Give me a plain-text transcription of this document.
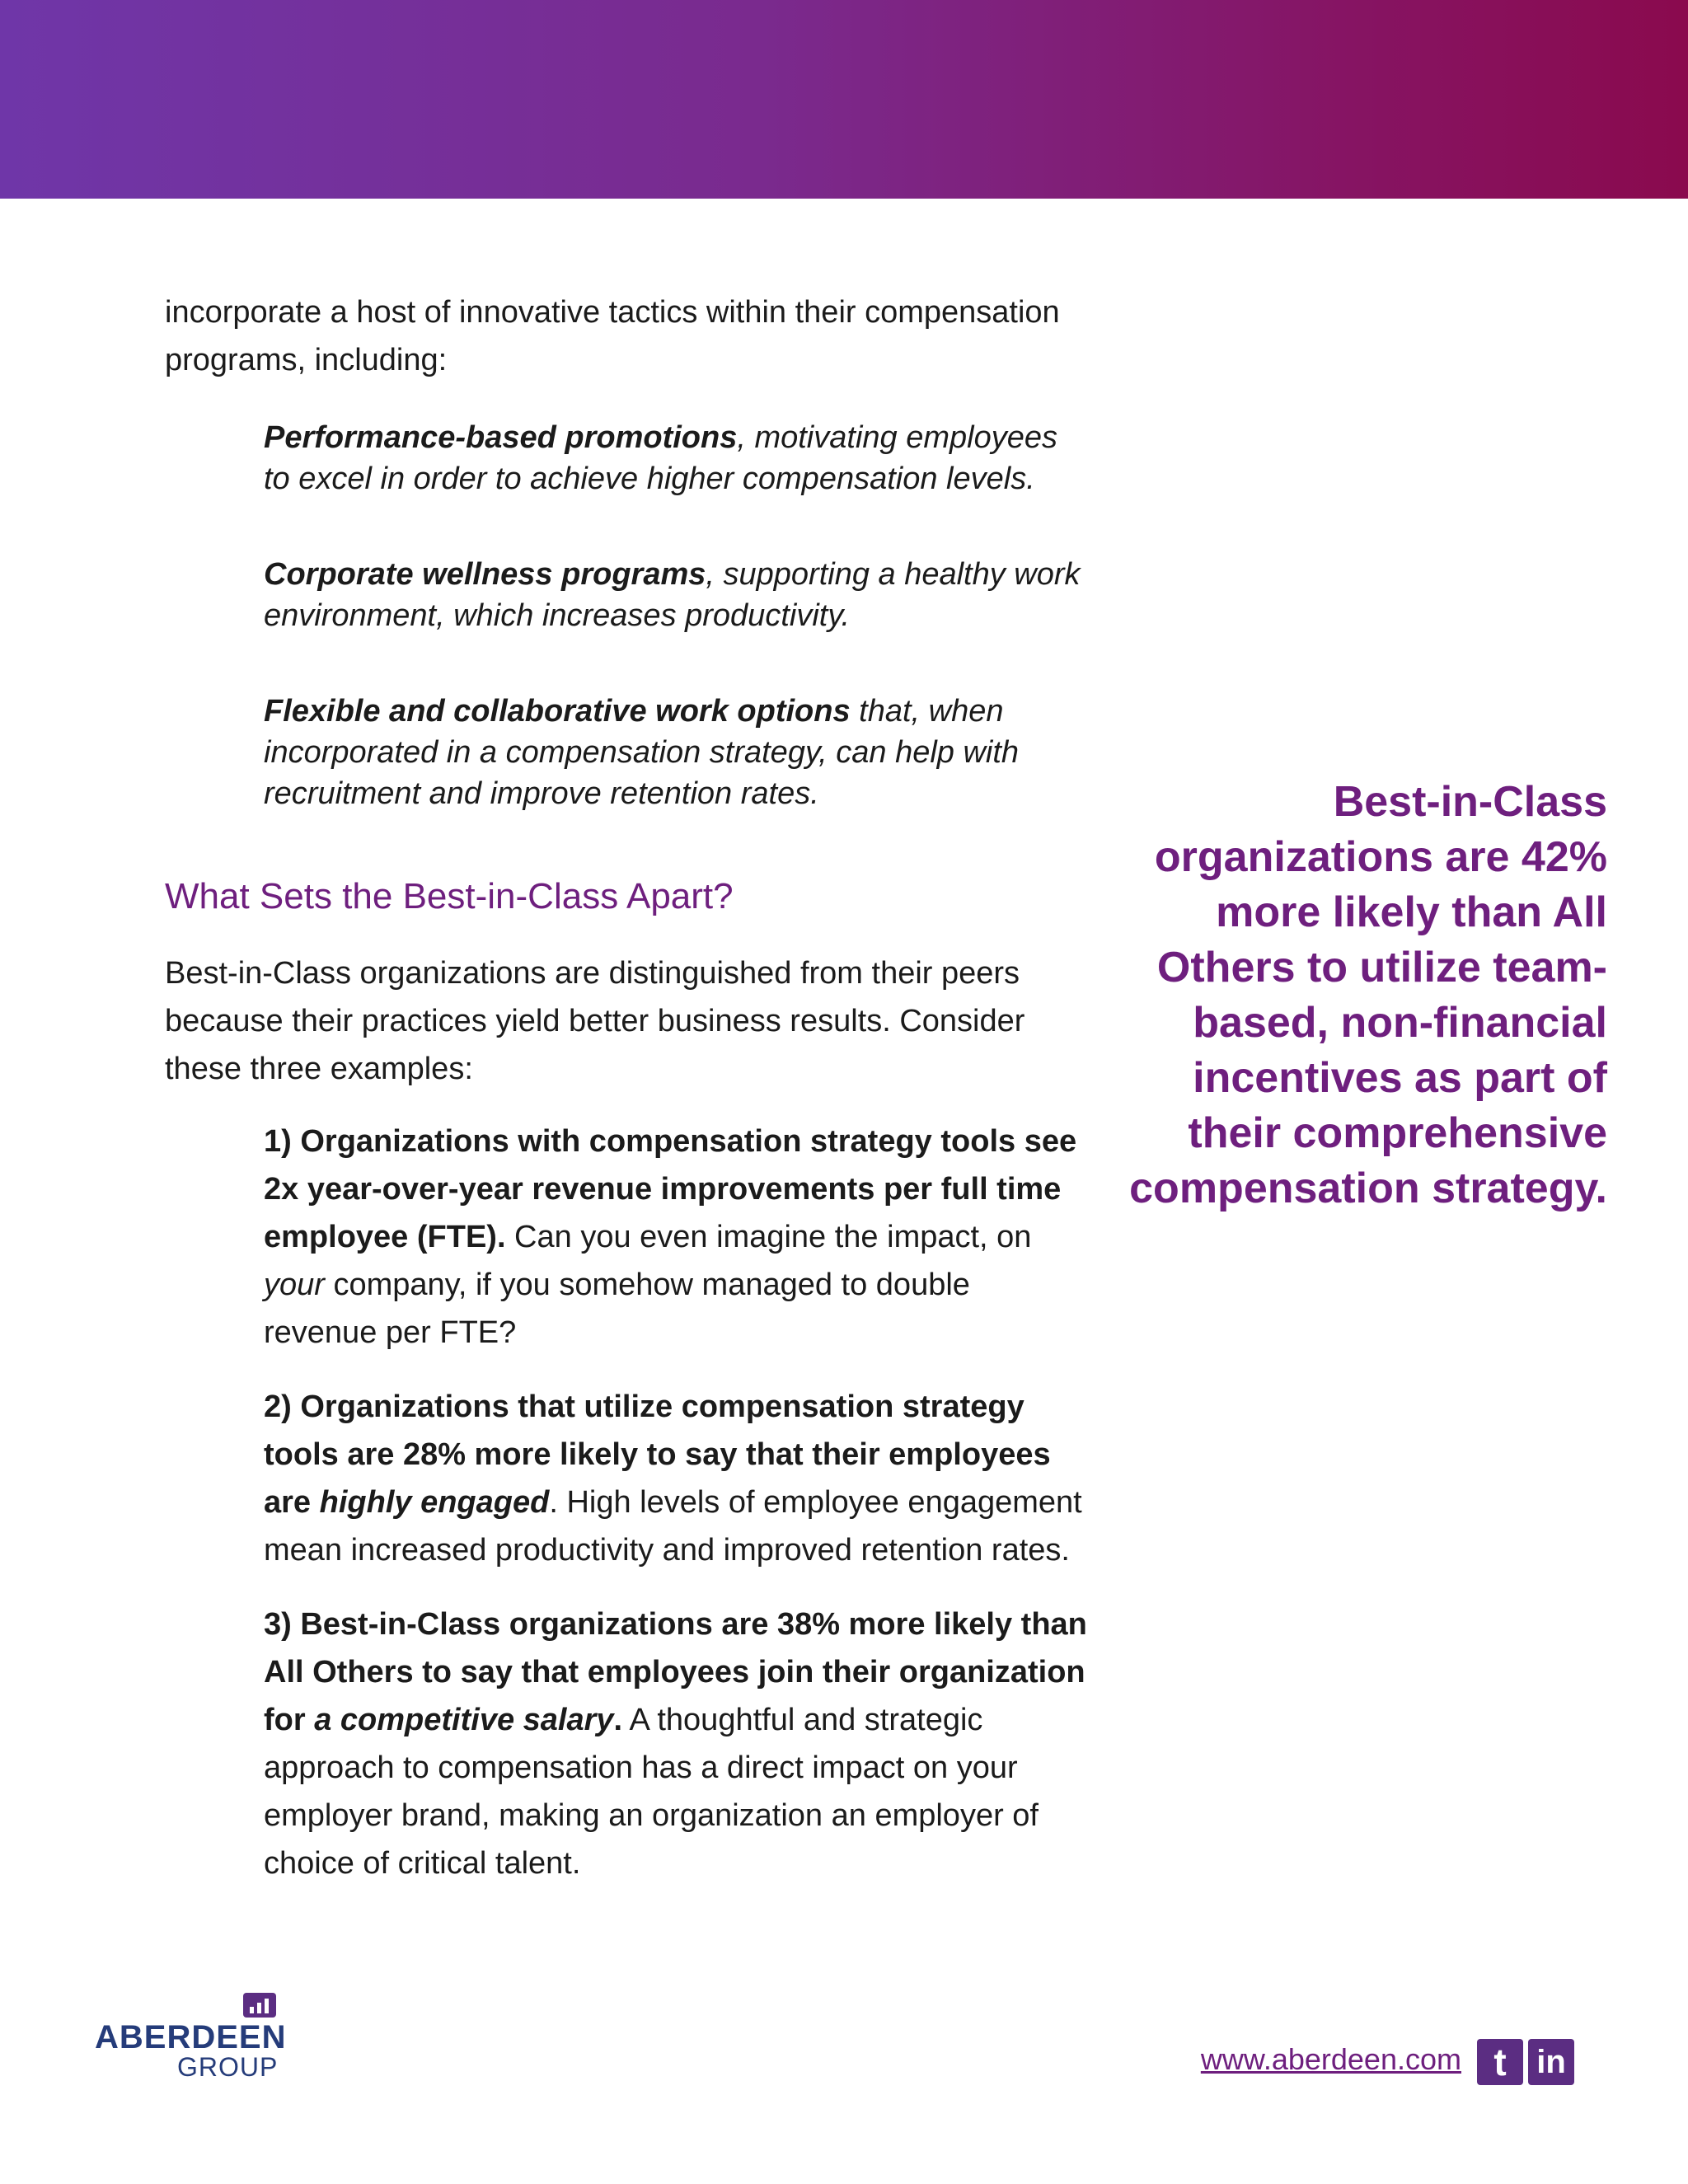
incorporate a host of innovative tactics within their compensation programs, including:

Performance-based promotions, motivating employees to excel in order to achieve higher compensation levels.

Corporate wellness programs, supporting a healthy work environment, which increases productivity.

Flexible and collaborative work options that, when incorporated in a compensation strategy, can help with recruitment and improve retention rates.

What Sets the Best-in-Class Apart?

Best-in-Class organizations are distinguished from their peers because their practices yield better business results. Consider these three examples:

1) Organizations with compensation strategy tools see 2x year-over-year revenue improvements per full time employee (FTE). Can you even imagine the impact, on your company, if you somehow managed to double revenue per FTE?

2) Organizations that utilize compensation strategy tools are 28% more likely to say that their employees are highly engaged. High levels of employee engagement mean increased productivity and improved retention rates.

3) Best-in-Class organizations are 38% more likely than All Others to say that employees join their organization for a competitive salary. A thoughtful and strategic approach to compensation has a direct impact on your employer brand, making an organization an employer of choice of critical talent.

Best-in-Class organizations are 42% more likely than All Others to utilize team-based, non-financial incentives as part of their comprehensive compensation strategy.
ABERDEEN
GROUP	www.aberdeen.com t in
